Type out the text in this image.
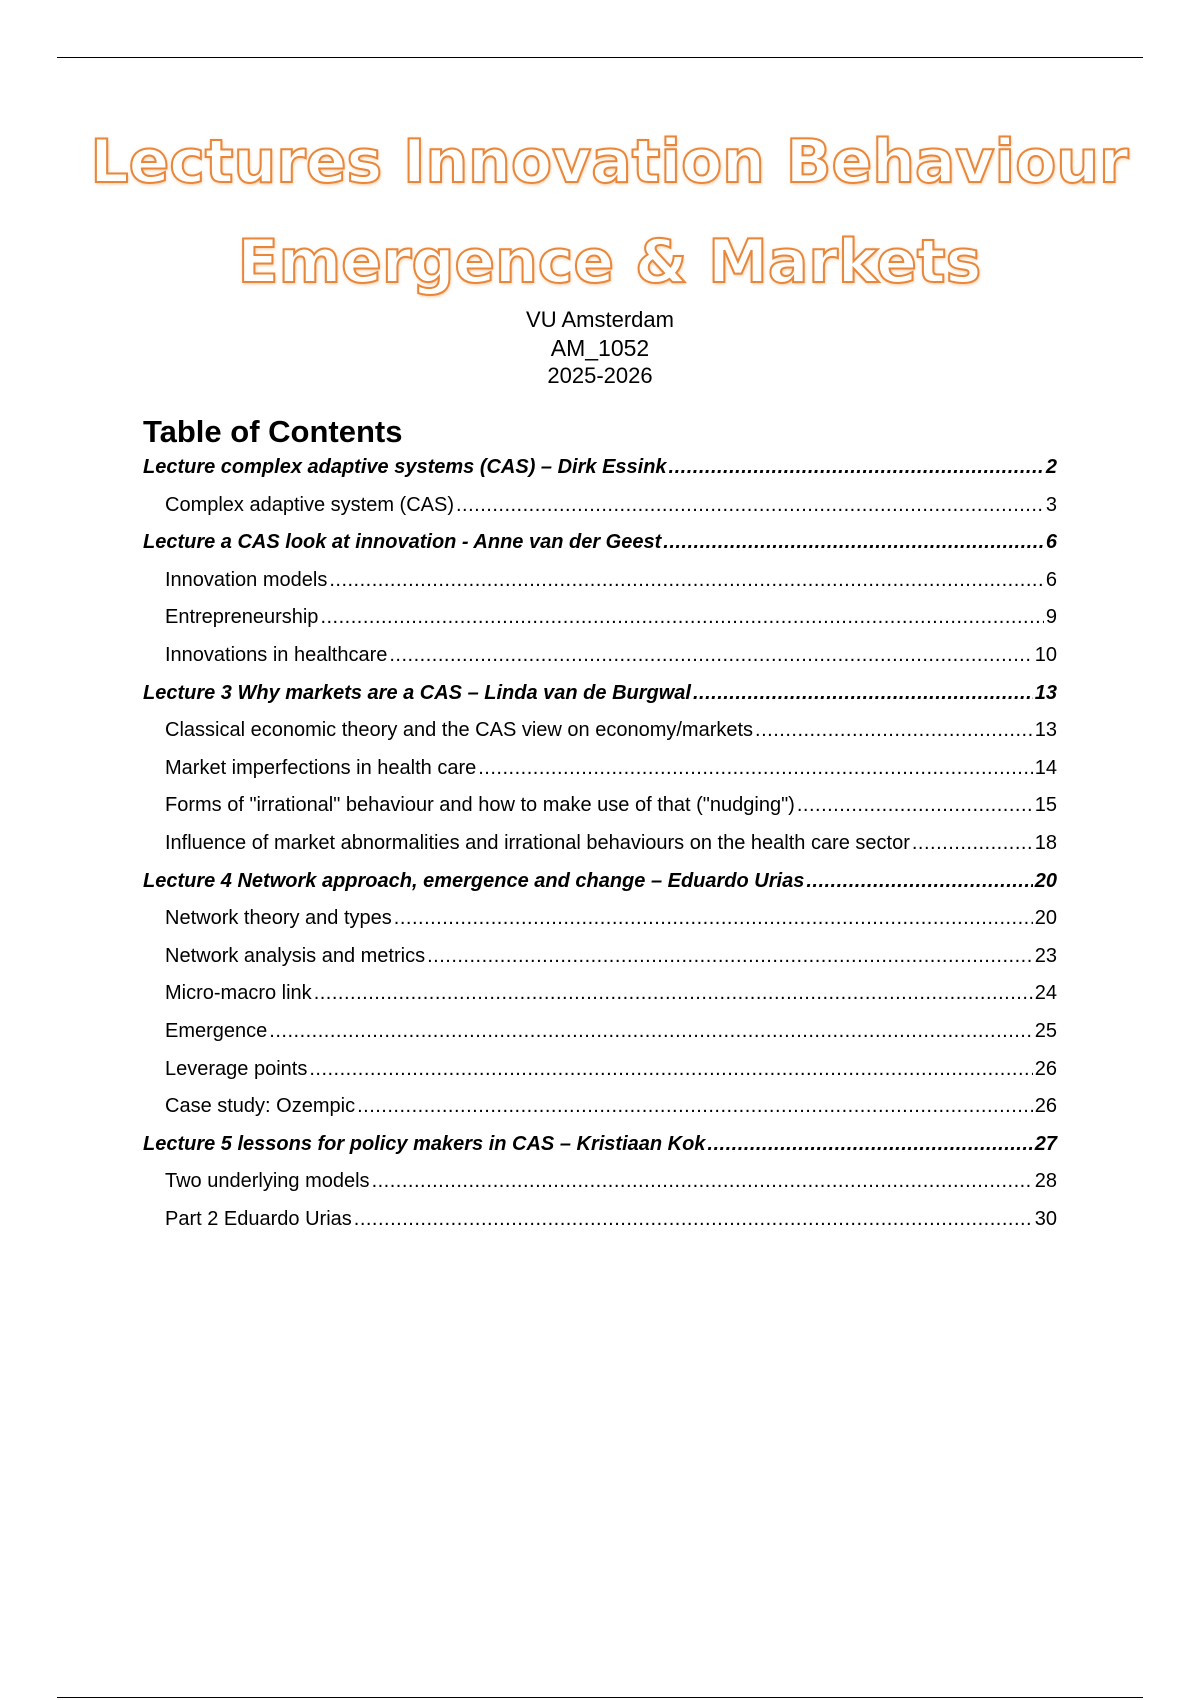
Lectures Innovation Behaviour
Emergence & Markets
VU Amsterdam
AM_1052
2025-2026
Table of Contents
Lecture complex adaptive systems (CAS) – Dirk Essink .....	2
Complex adaptive system (CAS) .....	3
Lecture a CAS look at innovation - Anne van der Geest .....	6
Innovation models .....	6
Entrepreneurship .....	9
Innovations in healthcare .....	10
Lecture 3 Why markets are a CAS – Linda van de Burgwal .....	13
Classical economic theory and the CAS view on economy/markets .....	13
Market imperfections in health care .....	14
Forms of "irrational" behaviour and how to make use of that ("nudging") .....	15
Influence of market abnormalities and irrational behaviours on the health care sector .....	18
Lecture 4 Network approach, emergence and change – Eduardo Urias .....	20
Network theory and types .....	20
Network analysis and metrics .....	23
Micro-macro link .....	24
Emergence .....	25
Leverage points .....	26
Case study: Ozempic .....	26
Lecture 5 lessons for policy makers in CAS – Kristiaan Kok .....	27
Two underlying models .....	28
Part 2 Eduardo Urias .....	30
